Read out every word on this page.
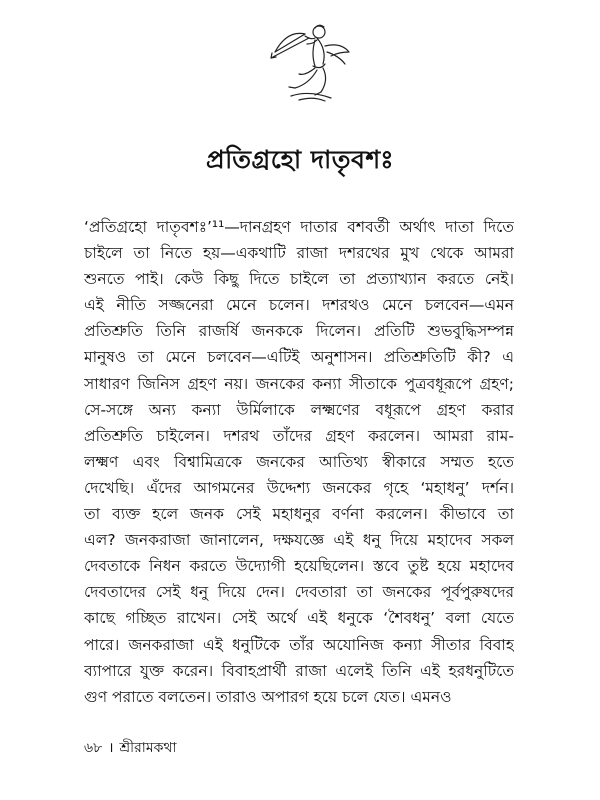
প্রতিগ্রহো দাতৃবশঃ
‘প্রতিগ্রহো দাতৃবশঃ’¹¹—দানগ্রহণ দাতার বশবর্তী অর্থাৎ দাতা দিতে
চাইলে তা নিতে হয়—একথাটি রাজা দশরথের মুখ থেকে আমরা
শুনতে পাই। কেউ কিছু দিতে চাইলে তা প্রত্যাখ্যান করতে নেই।
এই নীতি সজ্জনেরা মেনে চলেন। দশরথও মেনে চলবেন—এমন
প্রতিশ্রুতি তিনি রাজর্ষি জনককে দিলেন। প্রতিটি শুভবুদ্ধিসম্পন্ন
মানুষও তা মেনে চলবেন—এটিই অনুশাসন। প্রতিশ্রুতিটি কী? এ
সাধারণ জিনিস গ্রহণ নয়। জনকের কন্যা সীতাকে পুত্রবধূরূপে গ্রহণ;
সে-সঙ্গে অন্য কন্যা উর্মিলাকে লক্ষ্মণের বধূরূপে গ্রহণ করার
প্রতিশ্রুতি চাইলেন। দশরথ তাঁদের গ্রহণ করলেন। আমরা রাম-
লক্ষ্মণ এবং বিশ্বামিত্রকে জনকের আতিথ্য স্বীকারে সম্মত হতে
দেখেছি। এঁদের আগমনের উদ্দেশ্য জনকের গৃহে ‘মহাধনু’ দর্শন।
তা ব্যক্ত হলে জনক সেই মহাধনুর বর্ণনা করলেন। কীভাবে তা
এল? জনকরাজা জানালেন, দক্ষযজ্ঞে এই ধনু দিয়ে মহাদেব সকল
দেবতাকে নিধন করতে উদ্যোগী হয়েছিলেন। স্তবে তুষ্ট হয়ে মহাদেব
দেবতাদের সেই ধনু দিয়ে দেন। দেবতারা তা জনকের পূর্বপুরুষদের
কাছে গচ্ছিত রাখেন। সেই অর্থে এই ধনুকে ‘শৈবধনু’ বলা যেতে
পারে। জনকরাজা এই ধনুটিকে তাঁর অযোনিজ কন্যা সীতার বিবাহ
ব্যাপারে যুক্ত করেন। বিবাহপ্রার্থী রাজা এলেই তিনি এই হরধনুটিতে
গুণ পরাতে বলতেন। তারাও অপারগ হয়ে চলে যেত। এমনও
৬৮ । শ্রীরামকথা
